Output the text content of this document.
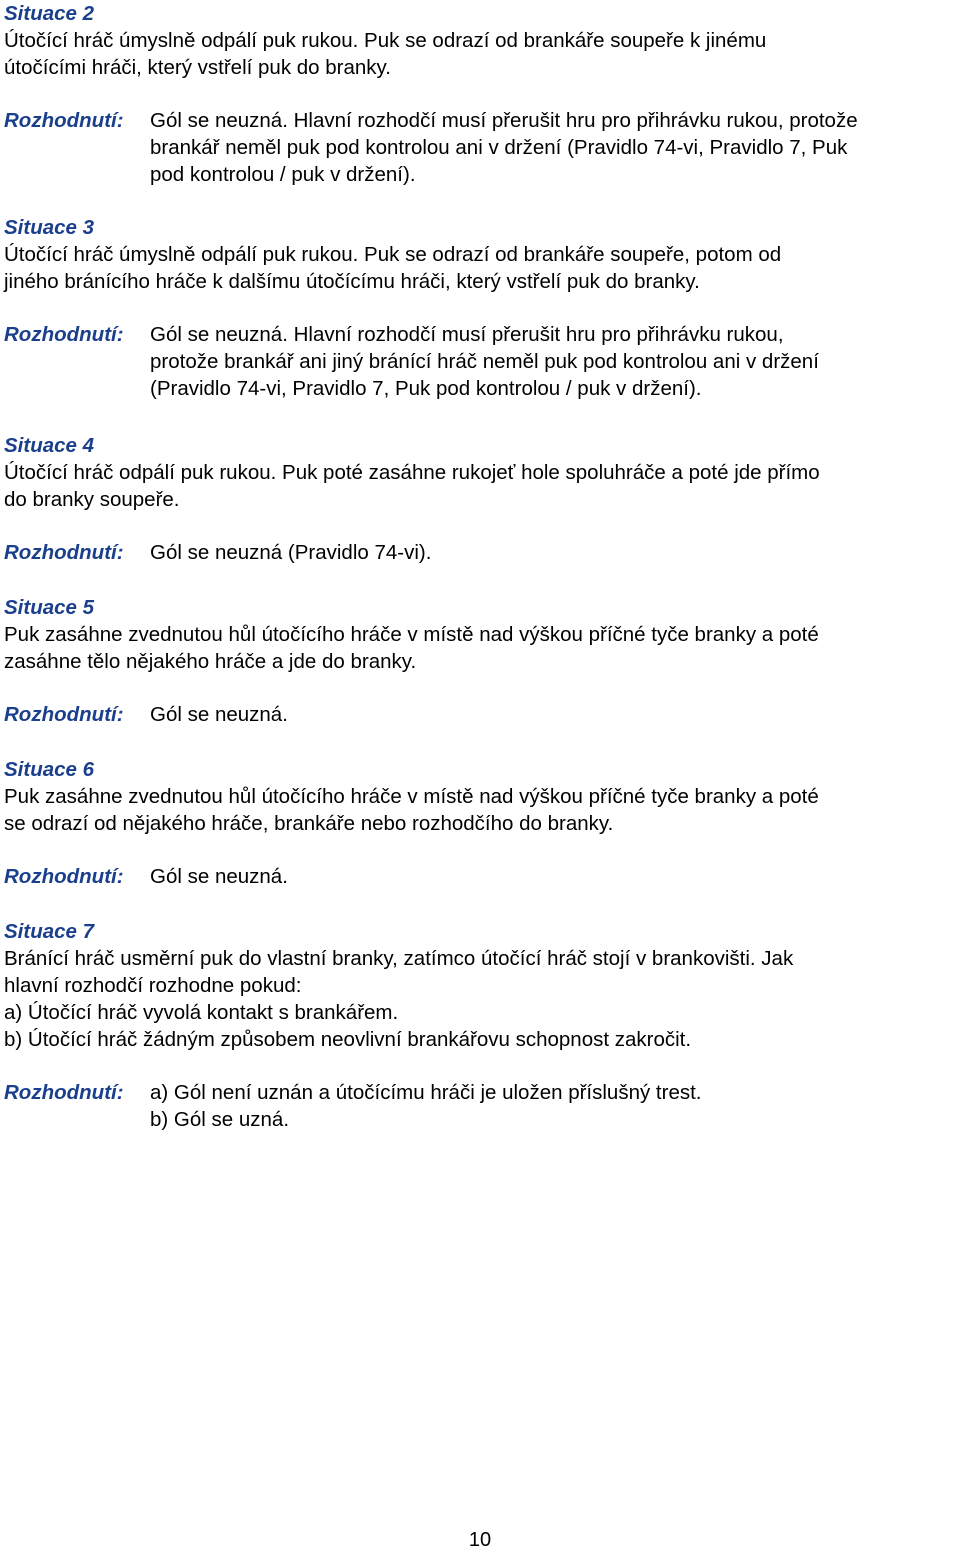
Situace 2
Útočící hráč úmyslně odpálí puk rukou. Puk se odrazí od brankáře soupeře k jinému
útočícími hráči, který vstřelí puk do branky.
Rozhodnutí:	Gól se neuzná. Hlavní rozhodčí musí přerušit hru pro přihrávku rukou, protože
brankář neměl puk pod kontrolou ani v držení (Pravidlo 74-vi, Pravidlo 7, Puk
pod kontrolou / puk v držení).
Situace 3
Útočící hráč úmyslně odpálí puk rukou. Puk se odrazí od brankáře soupeře, potom od
jiného bránícího hráče k dalšímu útočícímu hráči, který vstřelí puk do branky.
Rozhodnutí:	Gól se neuzná. Hlavní rozhodčí musí přerušit hru pro přihrávku rukou,
protože brankář ani jiný bránící hráč neměl puk pod kontrolou ani v držení
(Pravidlo 74-vi, Pravidlo 7, Puk pod kontrolou / puk v držení).
Situace 4
Útočící hráč odpálí puk rukou. Puk poté zasáhne rukojeť hole spoluhráče a poté jde přímo
do branky soupeře.
Rozhodnutí:	Gól se neuzná (Pravidlo 74-vi).
Situace 5
Puk zasáhne zvednutou hůl útočícího hráče v místě nad výškou příčné tyče branky a poté
zasáhne tělo nějakého hráče a jde do branky.
Rozhodnutí:	Gól se neuzná.
Situace 6
Puk zasáhne zvednutou hůl útočícího hráče v místě nad výškou příčné tyče branky a poté
se odrazí od nějakého hráče, brankáře nebo rozhodčího do branky.
Rozhodnutí:	Gól se neuzná.
Situace 7
Bránící hráč usměrní puk do vlastní branky, zatímco útočící hráč stojí v brankovišti. Jak
hlavní rozhodčí rozhodne pokud:
a) Útočící hráč vyvolá kontakt s brankářem.
b) Útočící hráč žádným způsobem neovlivní brankářovu schopnost zakročit.
Rozhodnutí:	a) Gól není uznán a útočícímu hráči je uložen příslušný trest.
b) Gól se uzná.
10
